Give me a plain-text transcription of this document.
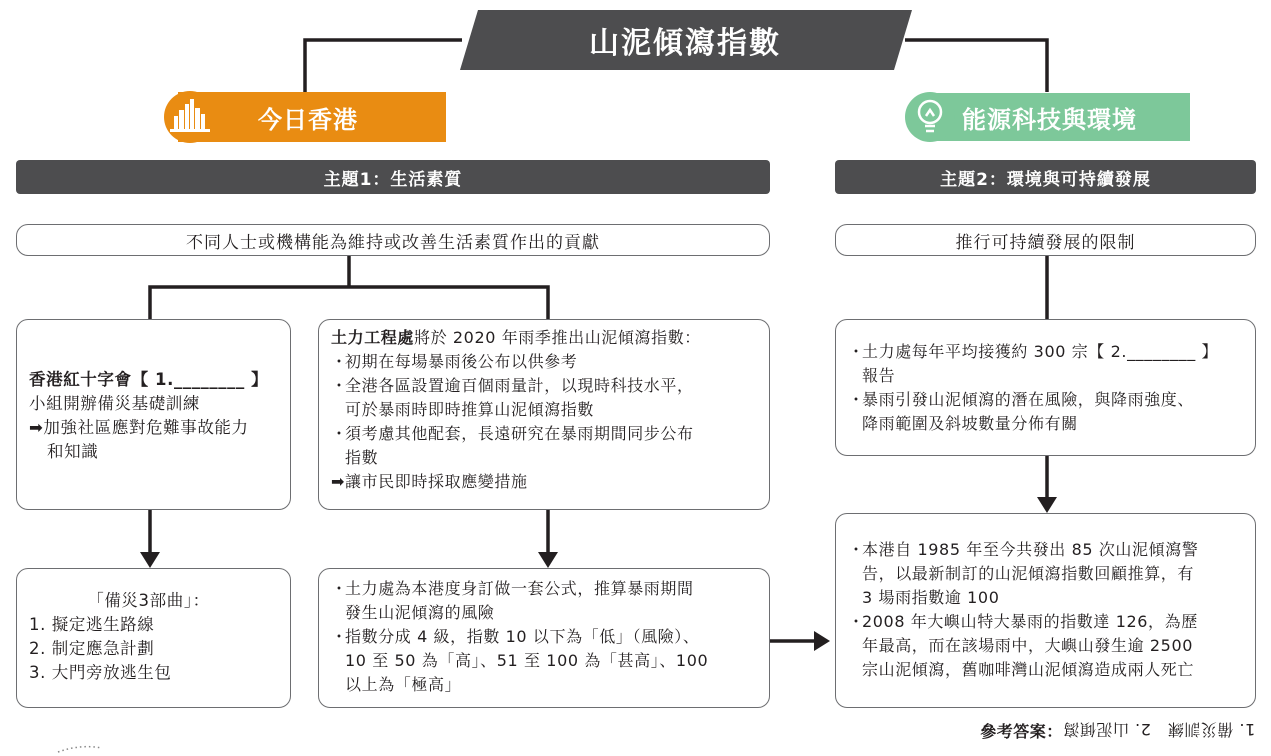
山泥傾瀉指數
今日香港	能源科技與環境
主題1：生活素質	主題2：環境與可持續發展
不同人士或機構能為維持或改善生活素質作出的貢獻	推行可持續發展的限制
香港紅十字會【 1.________ 】
小組開辦備災基礎訓練
➡加強社區應對危難事故能力
和知識
土力工程處將於 2020 年雨季推出山泥傾瀉指數：
・
初期在每場暴雨後公布以供參考
・
全港各區設置逾百個雨量計，以現時科技水平，
可於暴雨時即時推算山泥傾瀉指數
・
須考慮其他配套，長遠研究在暴雨期間同步公布
指數
➡讓市民即時採取應變措施
・
土力處每年平均接獲約 300 宗【 2.________ 】
報告
・
暴雨引發山泥傾瀉的潛在風險，與降雨強度、
降雨範圍及斜坡數量分佈有關
「備災3部曲」：
1. 擬定逃生路線
2. 制定應急計劃
3. 大門旁放逃生包
・
土力處為本港度身訂做一套公式，推算暴雨期間
發生山泥傾瀉的風險
・
指數分成 4 級，指數 10 以下為「低」（風險）、
10 至 50 為「高」、51 至 100 為「甚高」、100
以上為「極高」
・
本港自 1985 年至今共發出 85 次山泥傾瀉警
告，以最新制訂的山泥傾瀉指數回顧推算，有
3 場雨指數逾 100
・
2008 年大嶼山特大暴雨的指數達 126，為歷
年最高，而在該場雨中，大嶼山發生逾 2500
宗山泥傾瀉，舊咖啡灣山泥傾瀉造成兩人死亡
參考答案：1. 備災訓練　2. 山泥傾瀉
